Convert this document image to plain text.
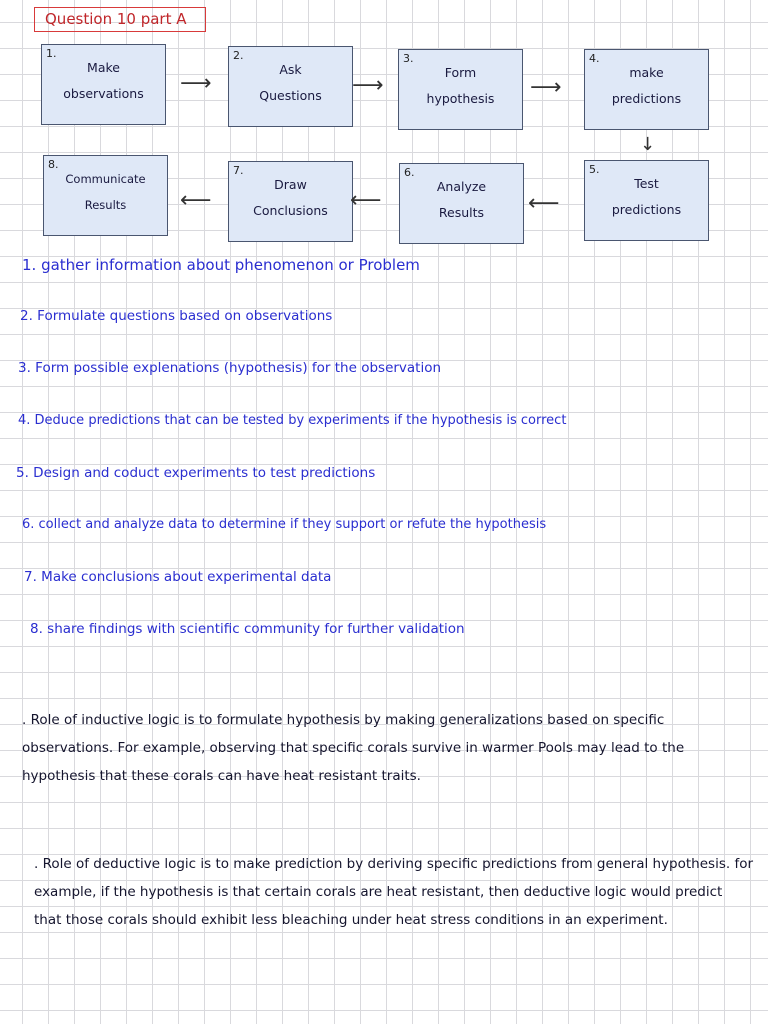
Question 10 part A
1.
Make
observations	⟶
2.
Ask
Questions	⟶
3.
Form
hypothesis	⟶
4.
make
predictions
↓
8.
Communicate
Results	⟵
7.
Draw
Conclusions	⟵
6.
Analyze
Results	⟵
5.
Test
predictions
1. gather information about phenomenon or Problem
2. Formulate questions based on observations
3. Form possible explenations (hypothesis) for the observation
4. Deduce predictions that can be tested by experiments if the hypothesis is correct
5. Design and coduct experiments to test predictions
6. collect and analyze data to determine if they support or refute the hypothesis
7. Make conclusions about experimental data
8. share findings with scientific community for further validation
. Role of inductive logic is to formulate hypothesis by making generalizations based on specific observations. For example, observing that specific corals survive in warmer Pools may lead to the hypothesis that these corals can have heat resistant traits.
. Role of deductive logic is to make prediction by deriving specific predictions from general hypothesis. for example, if the hypothesis is that certain corals are heat resistant, then deductive logic would predict that those corals should exhibit less bleaching under heat stress conditions in an experiment.
